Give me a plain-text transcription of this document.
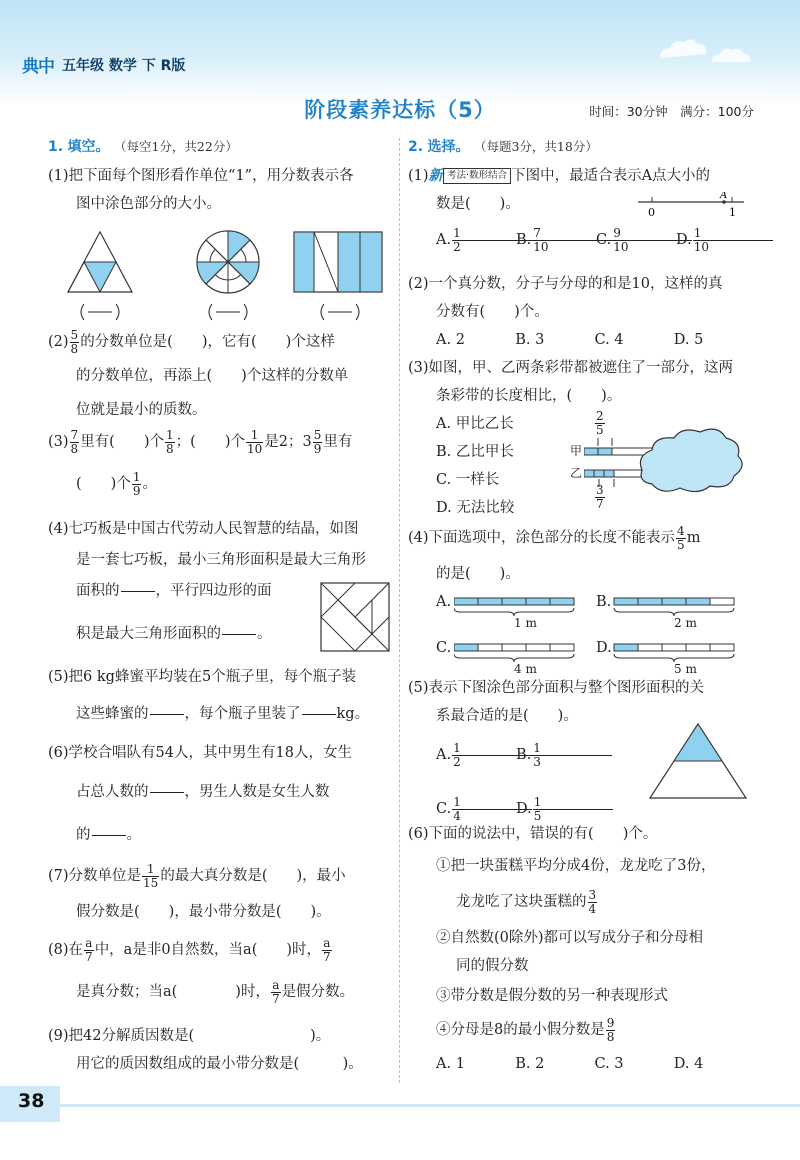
典中 五年级 数学 下 R版
阶段素养达标（5）	时间：30分钟　满分：100分
1. 填空。 （每空1分，共22分）

(1)把下面每个图形看作单位“1”，用分数表示各

图中涂色部分的大小。

$(2) \frac{5}{8}$ 的分数单位是(　　)，它有(　　)个这样

的分数单位，再添上(　　)个这样的分数单

位就是最小的质数。

$(3) \frac{7}{8}$ 里有(　　)个 $\frac{1}{8}$ ；(　　)个 $\frac{1}{10}$ 是2；$3 \frac{5}{9}$ 里有

(　　)个 $\frac{1}{9}$ 。

(4)七巧板是中国古代劳动人民智慧的结晶，如图

是一套七巧板，最小三角形面积是最大三角形

面积的 ，平行四边形的面

积是最大三角形面积的 。

(5)把6 kg蜂蜜平均装在5个瓶子里，每个瓶子装

这些蜂蜜的 ，每个瓶子里装了 kg。

(6)学校合唱队有54人，其中男生有18人，女生

占总人数的 ，男生人数是女生人数

的 。

(7)分数单位是 $\frac{1}{15}$ 的最大真分数是(　　)，最小

假分数是(　　)，最小带分数是(　　)。

(8)在 $\frac{a}{7}$ 中，a是非0自然数，当a(　　)时， $\frac{a}{7}$

是真分数；当a(　　　　)时， $\frac{a}{7}$ 是假分数。

(9)把42分解质因数是(　　　　　　　　)。

用它的质因数组成的最小带分数是(　　　)。

2. 选择。 （每题3分，共18分）

(1)新 考法·数形结合 下图中，最适合表示A点大小的

数是(　　)。

0
A
1

A. $\frac{1}{2}$
B. $\frac{7}{10}$
C. $\frac{9}{10}$
D. $\frac{1}{10}$

(2)一个真分数，分子与分母的和是10，这样的真

分数有(　　)个。

A. 2	B. 3	C. 4	D. 5

(3)如图，甲、乙两条彩带都被遮住了一部分，这两

条彩带的长度相比，(　　)。

A. 甲比乙长

B. 乙比甲长

C. 一样长

D. 无法比较

$\frac{2}{5}$
甲
乙
$\frac{3}{7}$

(4)下面选项中，涂色部分的长度不能表示 $\frac{4}{5}$ m

的是(　　)。

A.	B.
C.	D.
1 m	2 m
4 m	5 m

(5)表示下图涂色部分面积与整个图形面积的关

系最合适的是(　　)。

A. $\frac{1}{2}$
B. $\frac{1}{3}$

C. $\frac{1}{4}$
D. $\frac{1}{5}$

(6)下面的说法中，错误的有(　　)个。

①把一块蛋糕平均分成4份，龙龙吃了3份，

龙龙吃了这块蛋糕的 $\frac{3}{4}$

②自然数(0除外)都可以写成分子和分母相

同的假分数

③带分数是假分数的另一种表现形式

④分母是8的最小假分数是 $\frac{9}{8}$

A. 1	B. 2	C. 3	D. 4

38
